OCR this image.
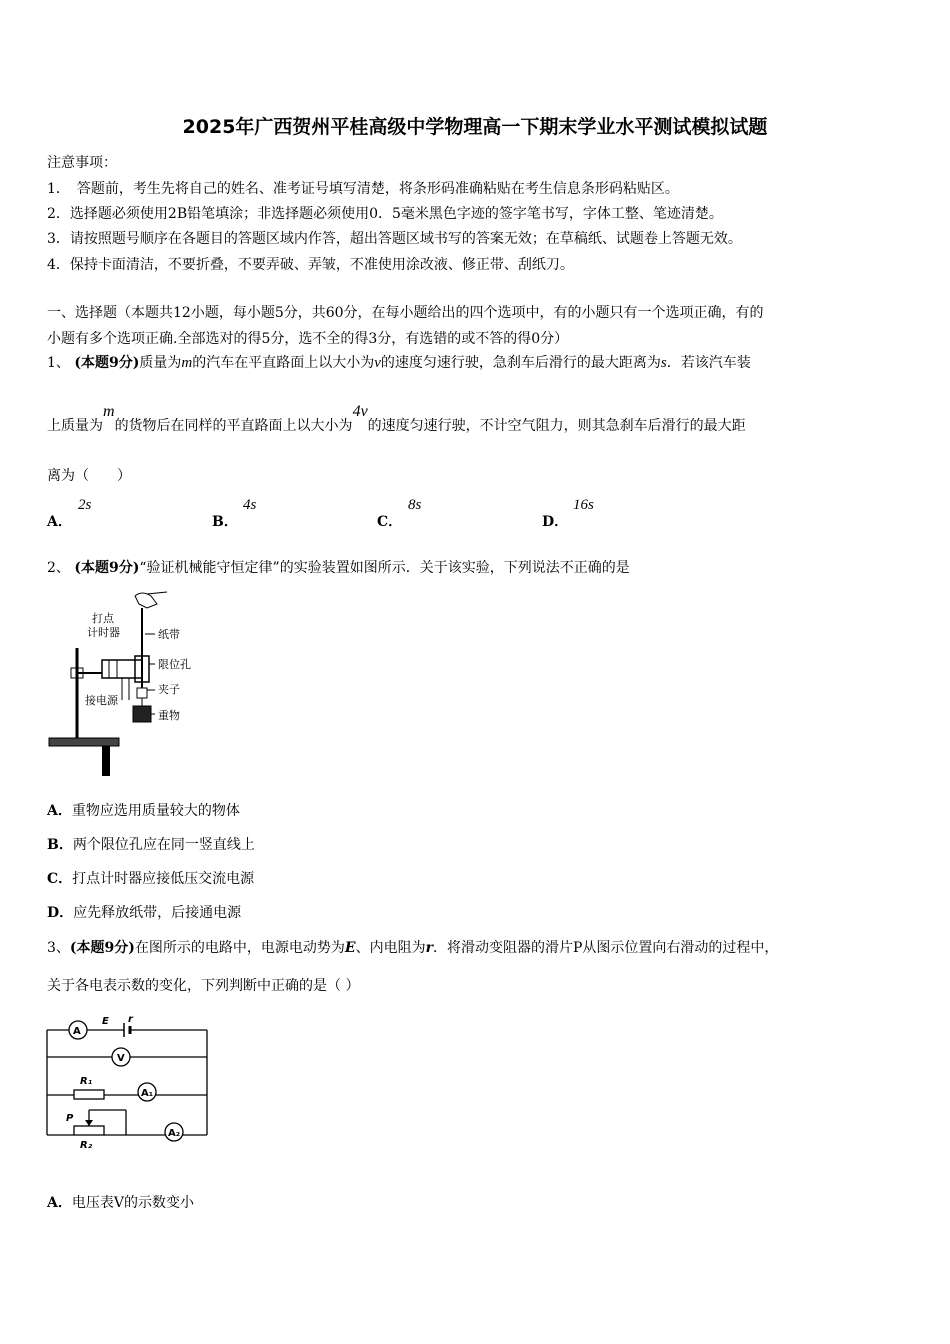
2025年广西贺州平桂高级中学物理高一下期末学业水平测试模拟试题
注意事项：
1．　答题前，考生先将自己的姓名、准考证号填写清楚，将条形码准确粘贴在考生信息条形码粘贴区。
2．选择题必须使用2B铅笔填涂；非选择题必须使用0．5毫米黑色字迹的签字笔书写，字体工整、笔迹清楚。
3．请按照题号顺序在各题目的答题区域内作答，超出答题区域书写的答案无效；在草稿纸、试题卷上答题无效。
4．保持卡面清洁，不要折叠，不要弄破、弄皱，不准使用涂改液、修正带、刮纸刀。
一、选择题（本题共12小题，每小题5分，共60分，在每小题给出的四个选项中，有的小题只有一个选项正确，有的
小题有多个选项正确.全部选对的得5分，选不全的得3分，有选错的或不答的得0分）
1、 (本题9分)质量为m的汽车在平直路面上以大小为v的速度匀速行驶，急刹车后滑行的最大距离为s．若该汽车装
上质量为m的货物后在同样的平直路面上以大小为4v的速度匀速行驶，不计空气阻力，则其急刹车后滑行的最大距
离为（　　）
A．
2s
B．
4s
C．
8s
D．
16s
2、 (本题9分)“验证机械能守恒定律”的实验装置如图所示．关于该实验，下列说法不正确的是
打点
计时器	纸带
限位孔
夹子
接电源
重物
A．重物应选用质量较大的物体
B．两个限位孔应在同一竖直线上
C．打点计时器应接低压交流电源
D．应先释放纸带，后接通电源
3、(本题9分)在图所示的电路中，电源电动势为E、内电阻为r．将滑动变阻器的滑片P从图示位置向右滑动的过程中，
关于各电表示数的变化，下列判断中正确的是（ ）
A
E r
V
R₁
A₁
P
R₂
A₂
A．电压表V的示数变小
